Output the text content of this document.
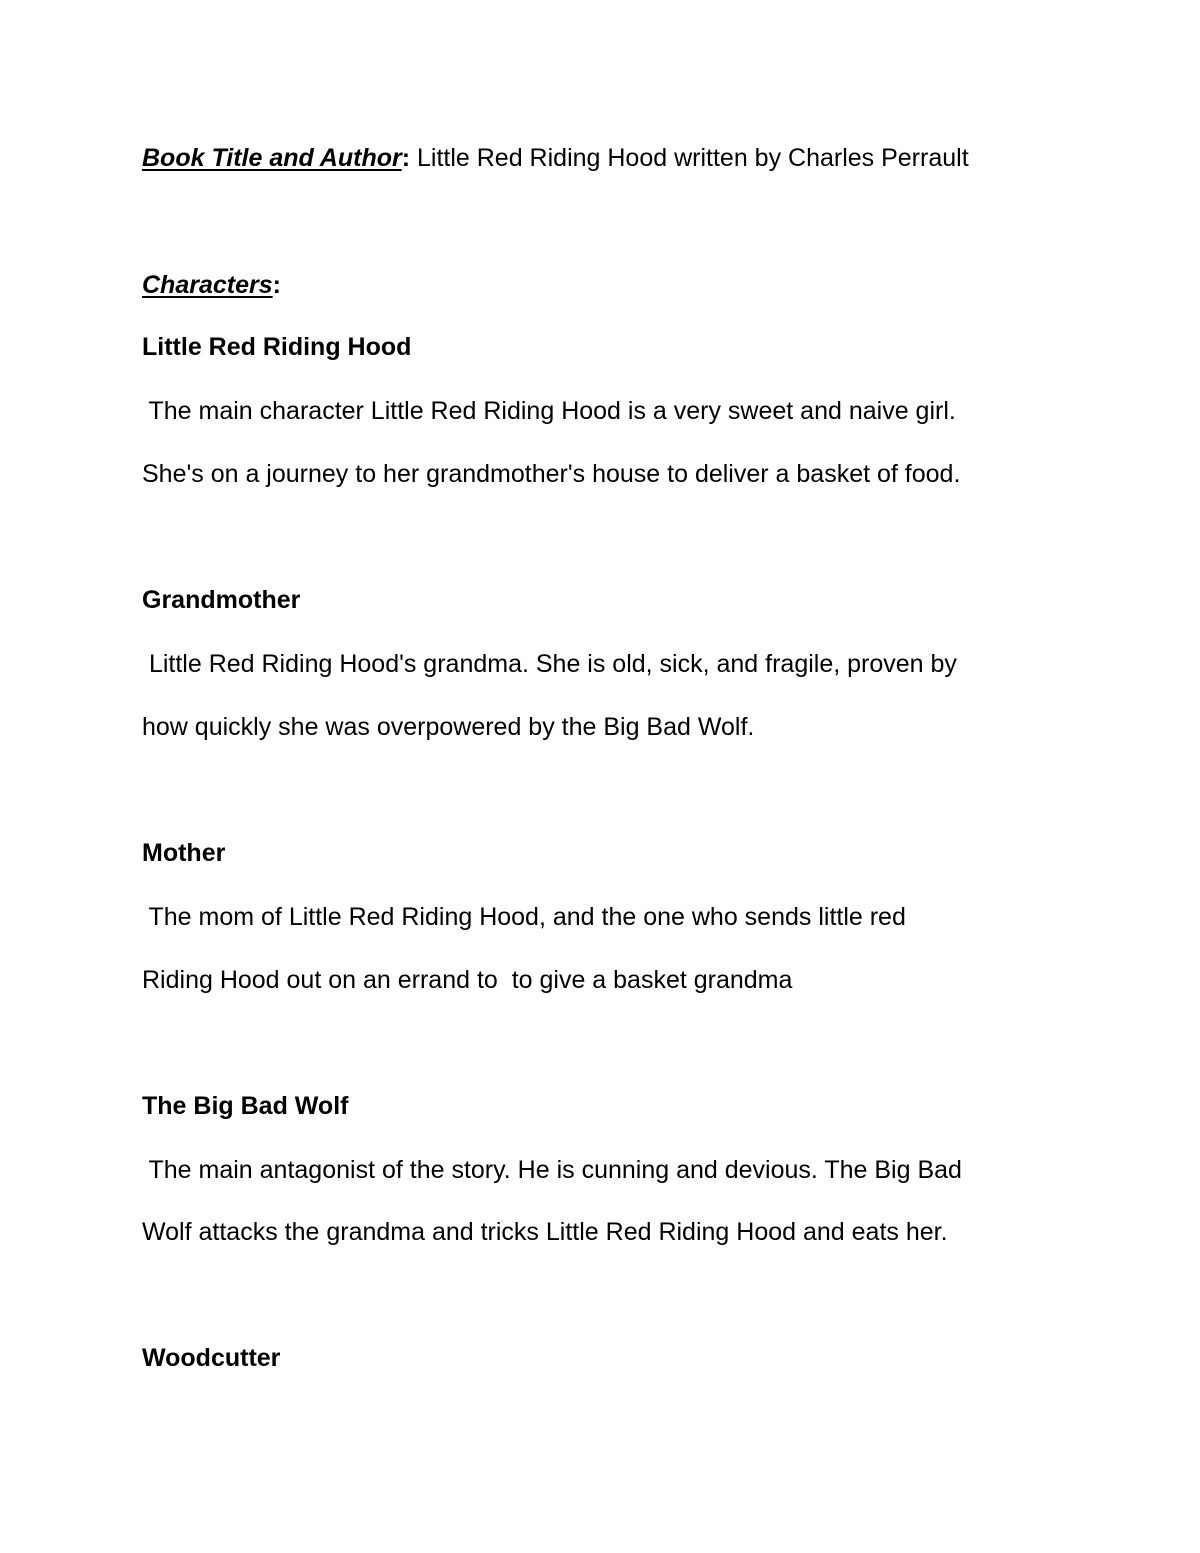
Book Title and Author: Little Red Riding Hood written by Charles Perrault

Characters:

Little Red Riding Hood

The main character Little Red Riding Hood is a very sweet and naive girl.

She's on a journey to her grandmother's house to deliver a basket of food.

Grandmother

Little Red Riding Hood's grandma. She is old, sick, and fragile, proven by

how quickly she was overpowered by the Big Bad Wolf.

Mother

The mom of Little Red Riding Hood, and the one who sends little red

Riding Hood out on an errand to  to give a basket grandma

The Big Bad Wolf

The main antagonist of the story. He is cunning and devious. The Big Bad

Wolf attacks the grandma and tricks Little Red Riding Hood and eats her.

Woodcutter
